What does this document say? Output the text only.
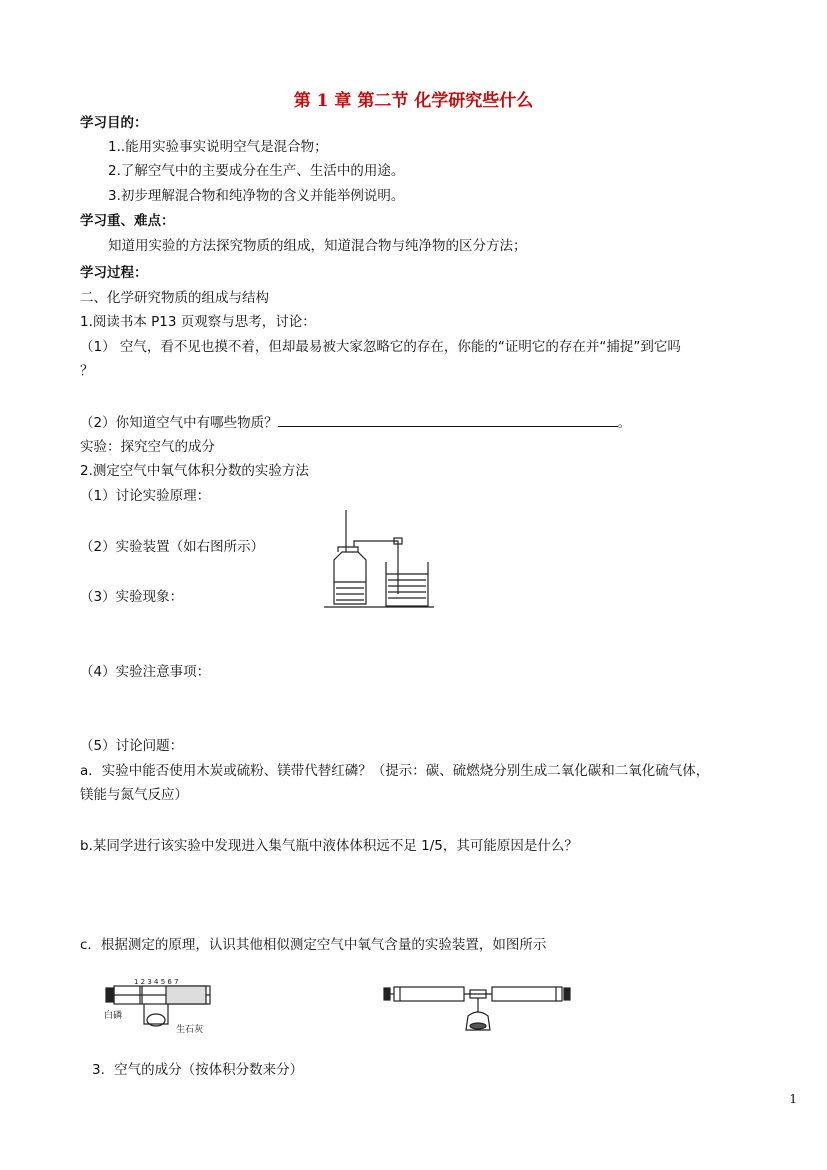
第 1 章 第二节 化学研究些什么
学习目的：
1..能用实验事实说明空气是混合物；
2.了解空气中的主要成分在生产、生活中的用途。
3.初步理解混合物和纯净物的含义并能举例说明。
学习重、难点：
知道用实验的方法探究物质的组成，知道混合物与纯净物的区分方法；
学习过程：
二、化学研究物质的组成与结构
1.阅读书本 P13 页观察与思考，讨论：
（1） 空气，看不见也摸不着，但却最易被大家忽略它的存在，你能的“证明它的存在并“捕捉”到它吗
？
（2）你知道空气中有哪些物质？	。
实验：探究空气的成分
2.测定空气中氧气体积分数的实验方法
（1）讨论实验原理：
（2）实验装置（如右图所示）
（3）实验现象：
（4）实验注意事项：
（5）讨论问题：
a．实验中能否使用木炭或硫粉、镁带代替红磷？（提示：碳、硫燃烧分别生成二氧化碳和二氧化硫气体，
镁能与氮气反应）
b.某同学进行该实验中发现进入集气瓶中液体体积远不足 1/5，其可能原因是什么？
c．根据测定的原理，认识其他相似测定空气中氧气含量的实验装置，如图所示
3．空气的成分（按体积分数来分）
1 2 3 4 5 6 7
白磷
生石灰
1
